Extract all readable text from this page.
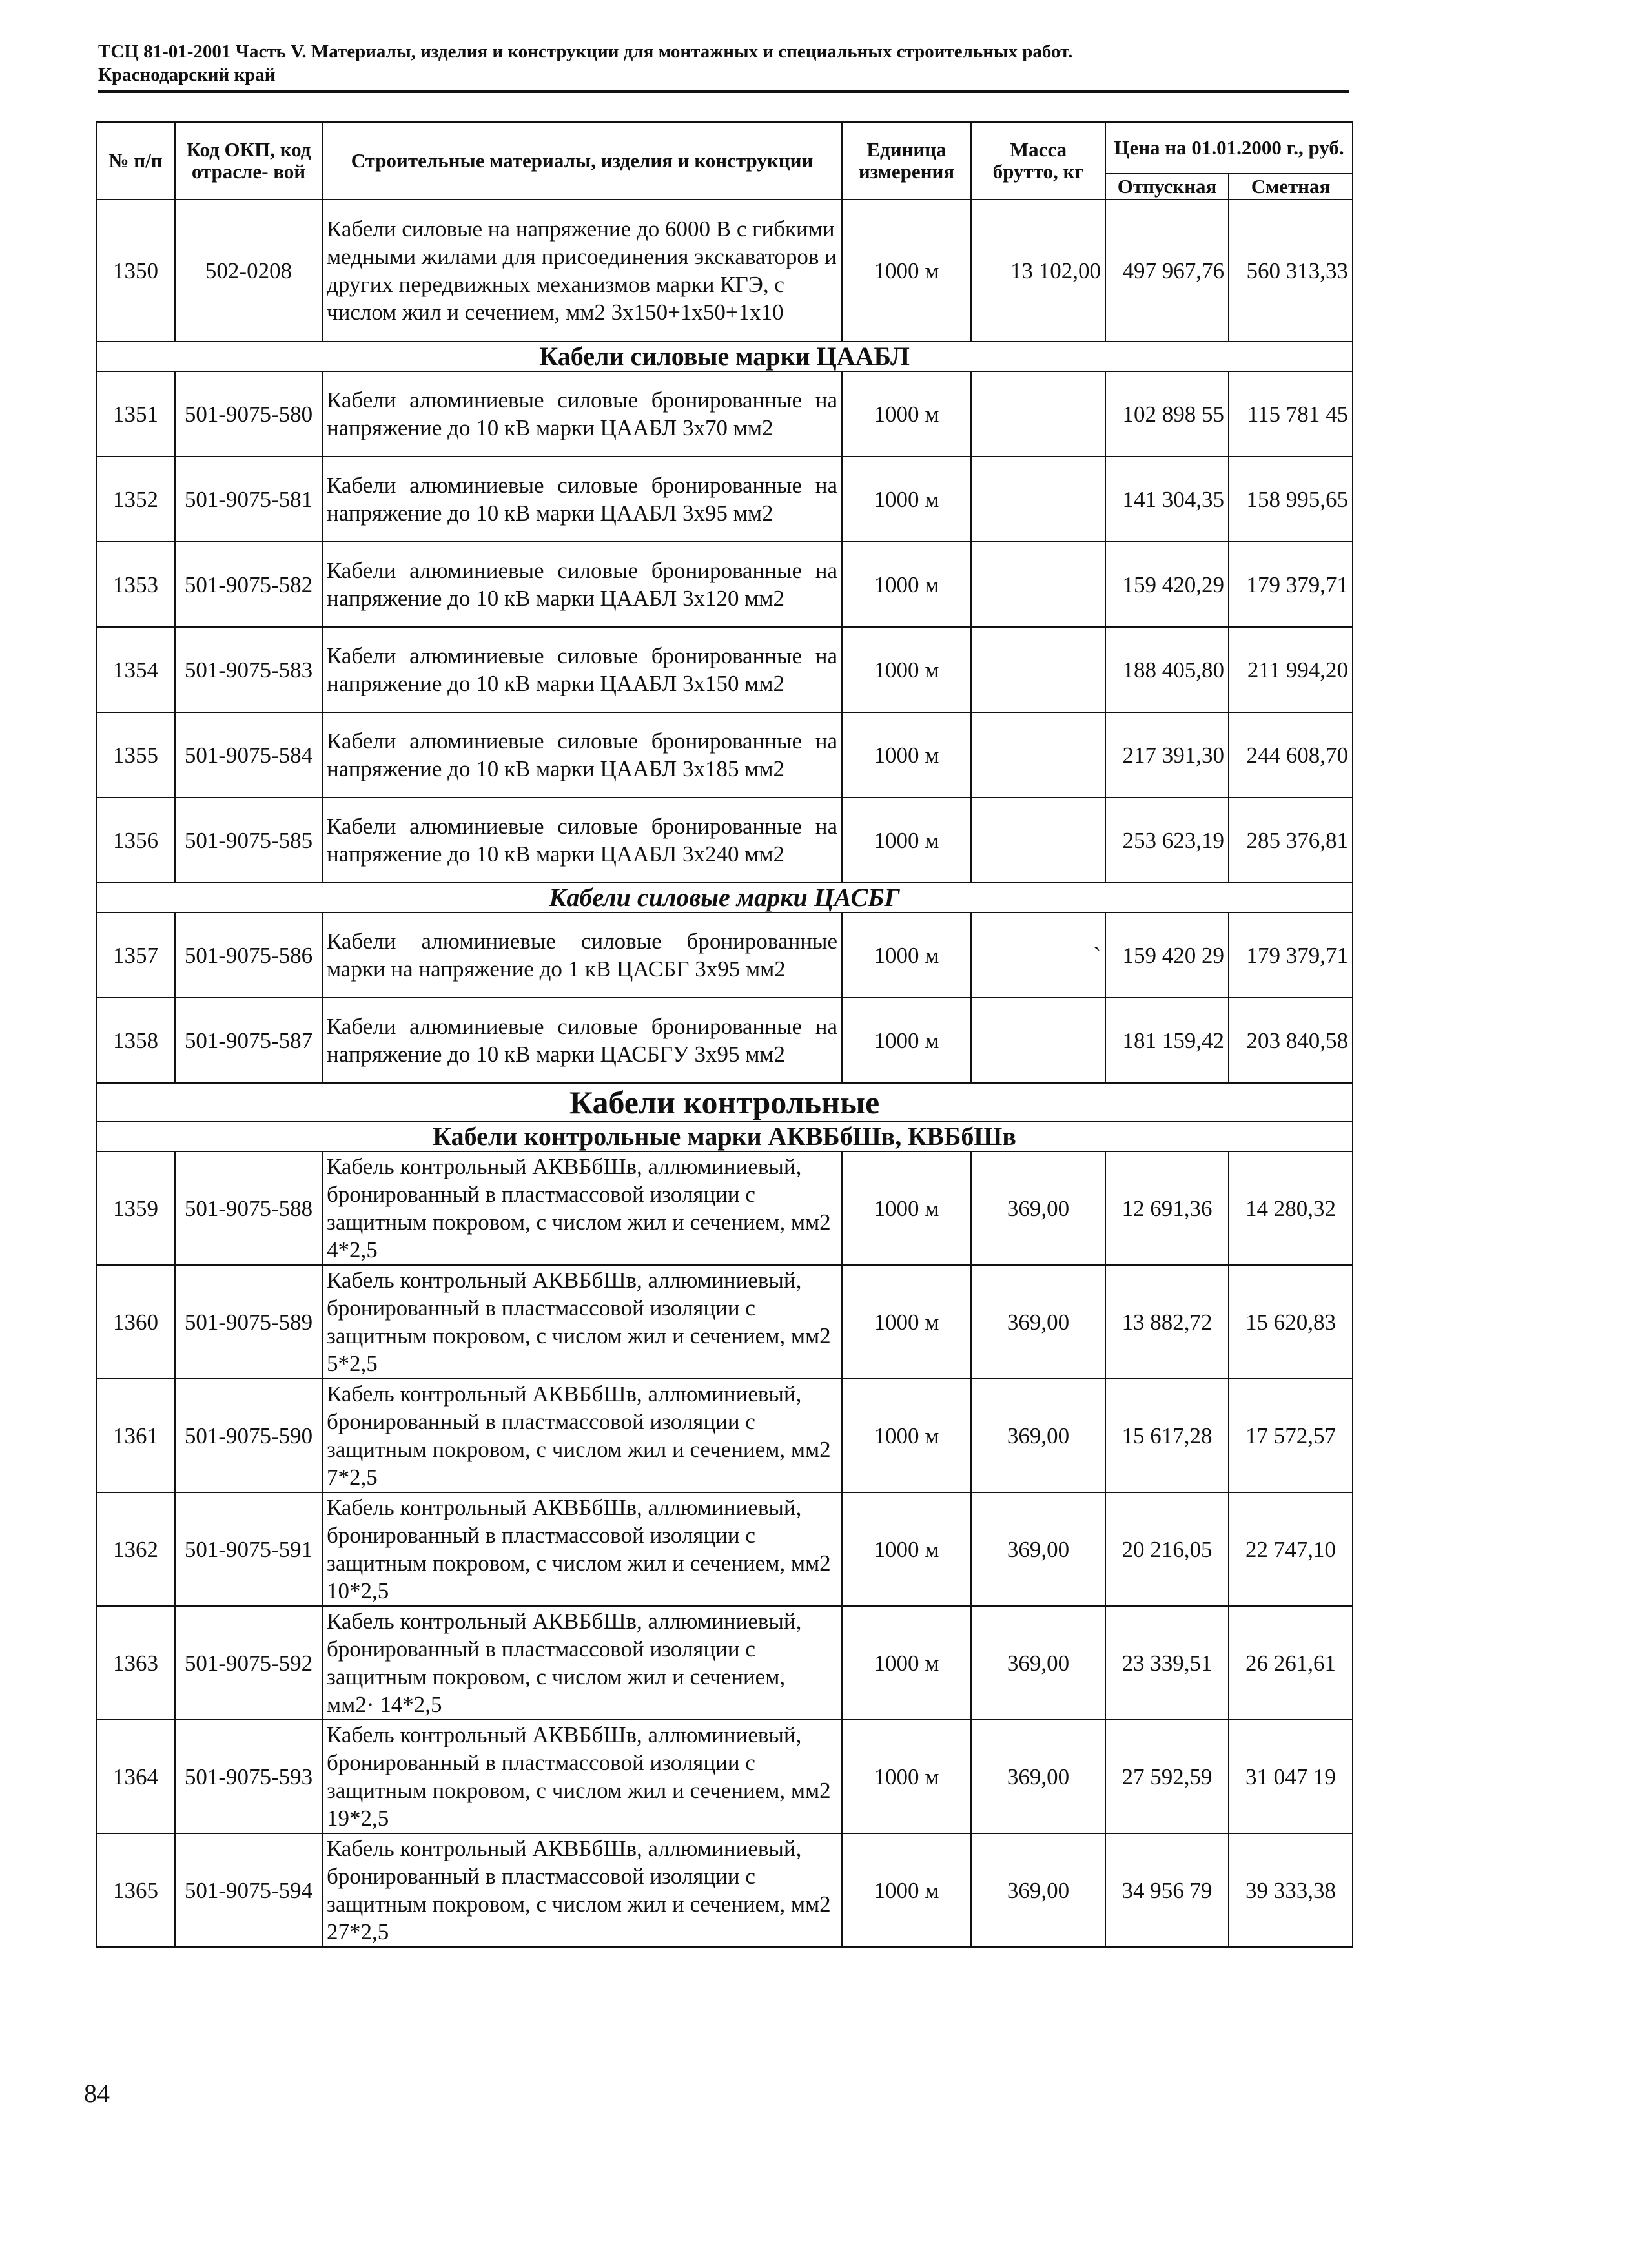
ТСЦ 81-01-2001 Часть V. Материалы, изделия и конструкции для монтажных и специальных строительных работ.
Краснодарский край
№ п/п	Код ОКП, код отрасле- вой	Строительные материалы, изделия и конструкции	Единица измерения	Масса брутто, кг	Цена на 01.01.2000 г., руб.	
					Отпускная	Сметная
1350	502-0208	Кабели силовые на напряжение до 6000 В с гибкими медными жилами для присоединения экскаваторов и других передвижных механизмов марки КГЭ, с числом жил и сечением, мм2 3х150+1х50+1х10	1000 м	13 102,00	497 967,76	560 313,33
Кабели силовые марки ЦААБЛ						
1351	501-9075-580	Кабели алюминиевые силовые бронированные на напряжение до 10 кВ марки ЦААБЛ 3х70 мм2	1000 м		102 898 55	115 781 45
1352	501-9075-581	Кабели алюминиевые силовые бронированные на напряжение до 10 кВ марки ЦААБЛ 3х95 мм2	1000 м		141 304,35	158 995,65
1353	501-9075-582	Кабели алюминиевые силовые бронированные на напряжение до 10 кВ марки ЦААБЛ 3х120 мм2	1000 м		159 420,29	179 379,71
1354	501-9075-583	Кабели алюминиевые силовые бронированные на напряжение до 10 кВ марки ЦААБЛ 3х150 мм2	1000 м		188 405,80	211 994,20
1355	501-9075-584	Кабели алюминиевые силовые бронированные на напряжение до 10 кВ марки ЦААБЛ 3х185 мм2	1000 м		217 391,30	244 608,70
1356	501-9075-585	Кабели алюминиевые силовые бронированные на напряжение до 10 кВ марки ЦААБЛ 3х240 мм2	1000 м		253 623,19	285 376,81
Кабели силовые марки ЦАСБГ						
1357	501-9075-586	Кабели алюминиевые силовые бронированные марки на напряжение до 1 кВ ЦАСБГ 3х95 мм2	1000 м	`	159 420 29	179 379,71
1358	501-9075-587	Кабели алюминиевые силовые бронированные на напряжение до 10 кВ марки ЦАСБГУ 3х95 мм2	1000 м		181 159,42	203 840,58
Кабели контрольные						
Кабели контрольные марки АКВБбШв, КВБбШв						
1359	501-9075-588	Кабель контрольный АКВБбШв, аллюминиевый, бронированный в пластмассовой изоляции с защитным покровом, с числом жил и сечением, мм2 4*2,5	1000 м	369,00	12 691,36	14 280,32
1360	501-9075-589	Кабель контрольный АКВБбШв, аллюминиевый, бронированный в пластмассовой изоляции с защитным покровом, с числом жил и сечением, мм2 5*2,5	1000 м	369,00	13 882,72	15 620,83
1361	501-9075-590	Кабель контрольный АКВБбШв, аллюминиевый, бронированный в пластмассовой изоляции с защитным покровом, с числом жил и сечением, мм2 7*2,5	1000 м	369,00	15 617,28	17 572,57
1362	501-9075-591	Кабель контрольный АКВБбШв, аллюминиевый, бронированный в пластмассовой изоляции с защитным покровом, с числом жил и сечением, мм2 10*2,5	1000 м	369,00	20 216,05	22 747,10
1363	501-9075-592	Кабель контрольный АКВБбШв, аллюминиевый, бронированный в пластмассовой изоляции с защитным покровом, с числом жил и сечением, мм2· 14*2,5	1000 м	369,00	23 339,51	26 261,61
1364	501-9075-593	Кабель контрольный АКВБбШв, аллюминиевый, бронированный в пластмассовой изоляции с защитным покровом, с числом жил и сечением, мм2 19*2,5	1000 м	369,00	27 592,59	31 047 19
1365	501-9075-594	Кабель контрольный АКВБбШв, аллюминиевый, бронированный в пластмассовой изоляции с защитным покровом, с числом жил и сечением, мм2 27*2,5	1000 м	369,00	34 956 79	39 333,38
84
